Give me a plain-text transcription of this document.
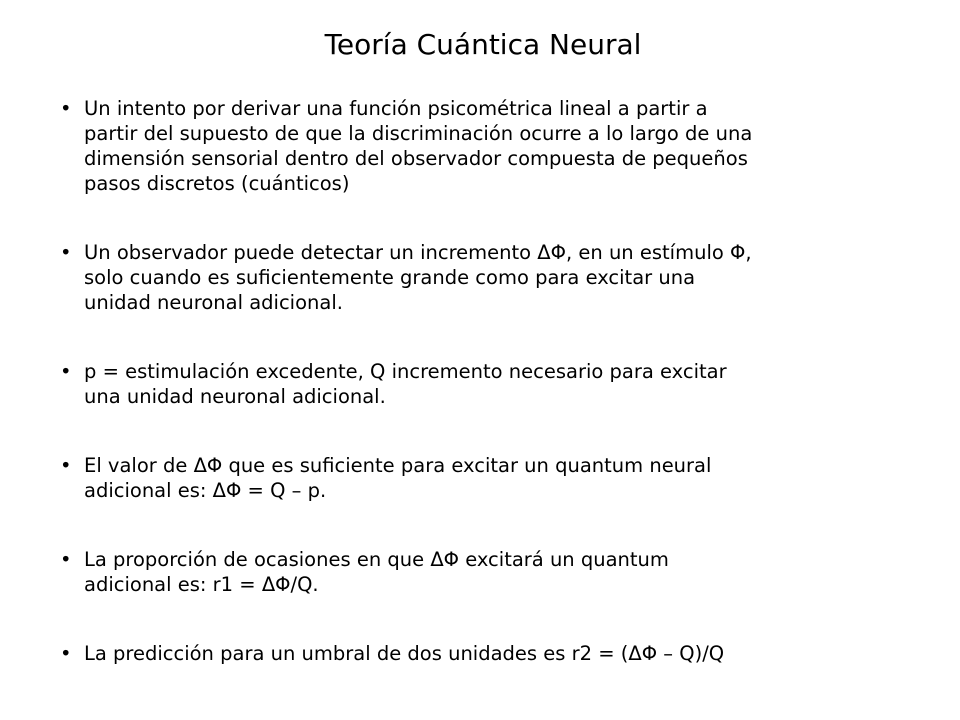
Teoría Cuántica Neural
• Un intento por derivar una función psicométrica lineal a partir a
partir del supuesto de que la discriminación ocurre a lo largo de una
dimensión sensorial dentro del observador compuesta de pequeños
pasos discretos (cuánticos)
• Un observador puede detectar un incremento ΔΦ, en un estímulo Φ,
solo cuando es suficientemente grande como para excitar una
unidad neuronal adicional.
• p = estimulación excedente, Q incremento necesario para excitar
una unidad neuronal adicional.
• El valor de ΔΦ que es suficiente para excitar un quantum neural
adicional es: ΔΦ = Q – p.
• La proporción de ocasiones en que ΔΦ excitará un quantum
adicional es: r1 = ΔΦ/Q.
• La predicción para un umbral de dos unidades es r2 = (ΔΦ – Q)/Q
